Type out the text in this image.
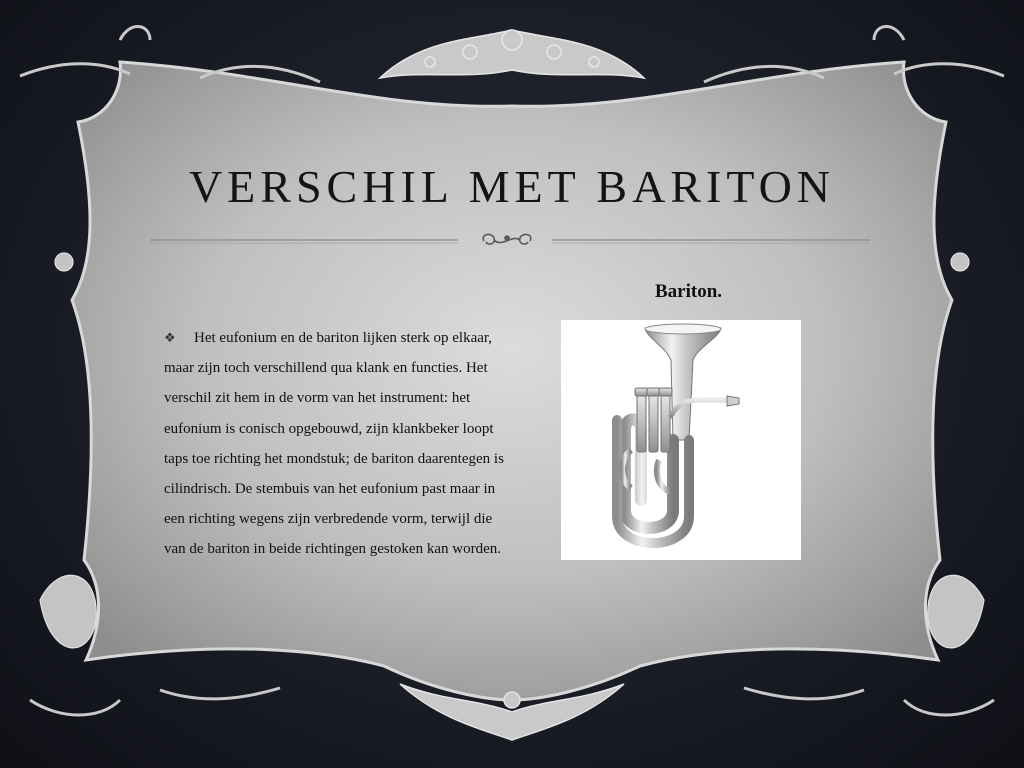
VERSCHIL MET BARITON
❖ Het eufonium en de bariton lijken sterk op elkaar, maar zijn toch verschillend qua klank en functies. Het verschil zit hem in de vorm van het instrument: het eufonium is conisch opgebouwd, zijn klankbeker loopt taps toe richting het mondstuk; de bariton daarentegen is cilindrisch. De stembuis van het eufonium past maar in een richting wegens zijn verbredende vorm, terwijl die van de bariton in beide richtingen gestoken kan worden.
Bariton.
